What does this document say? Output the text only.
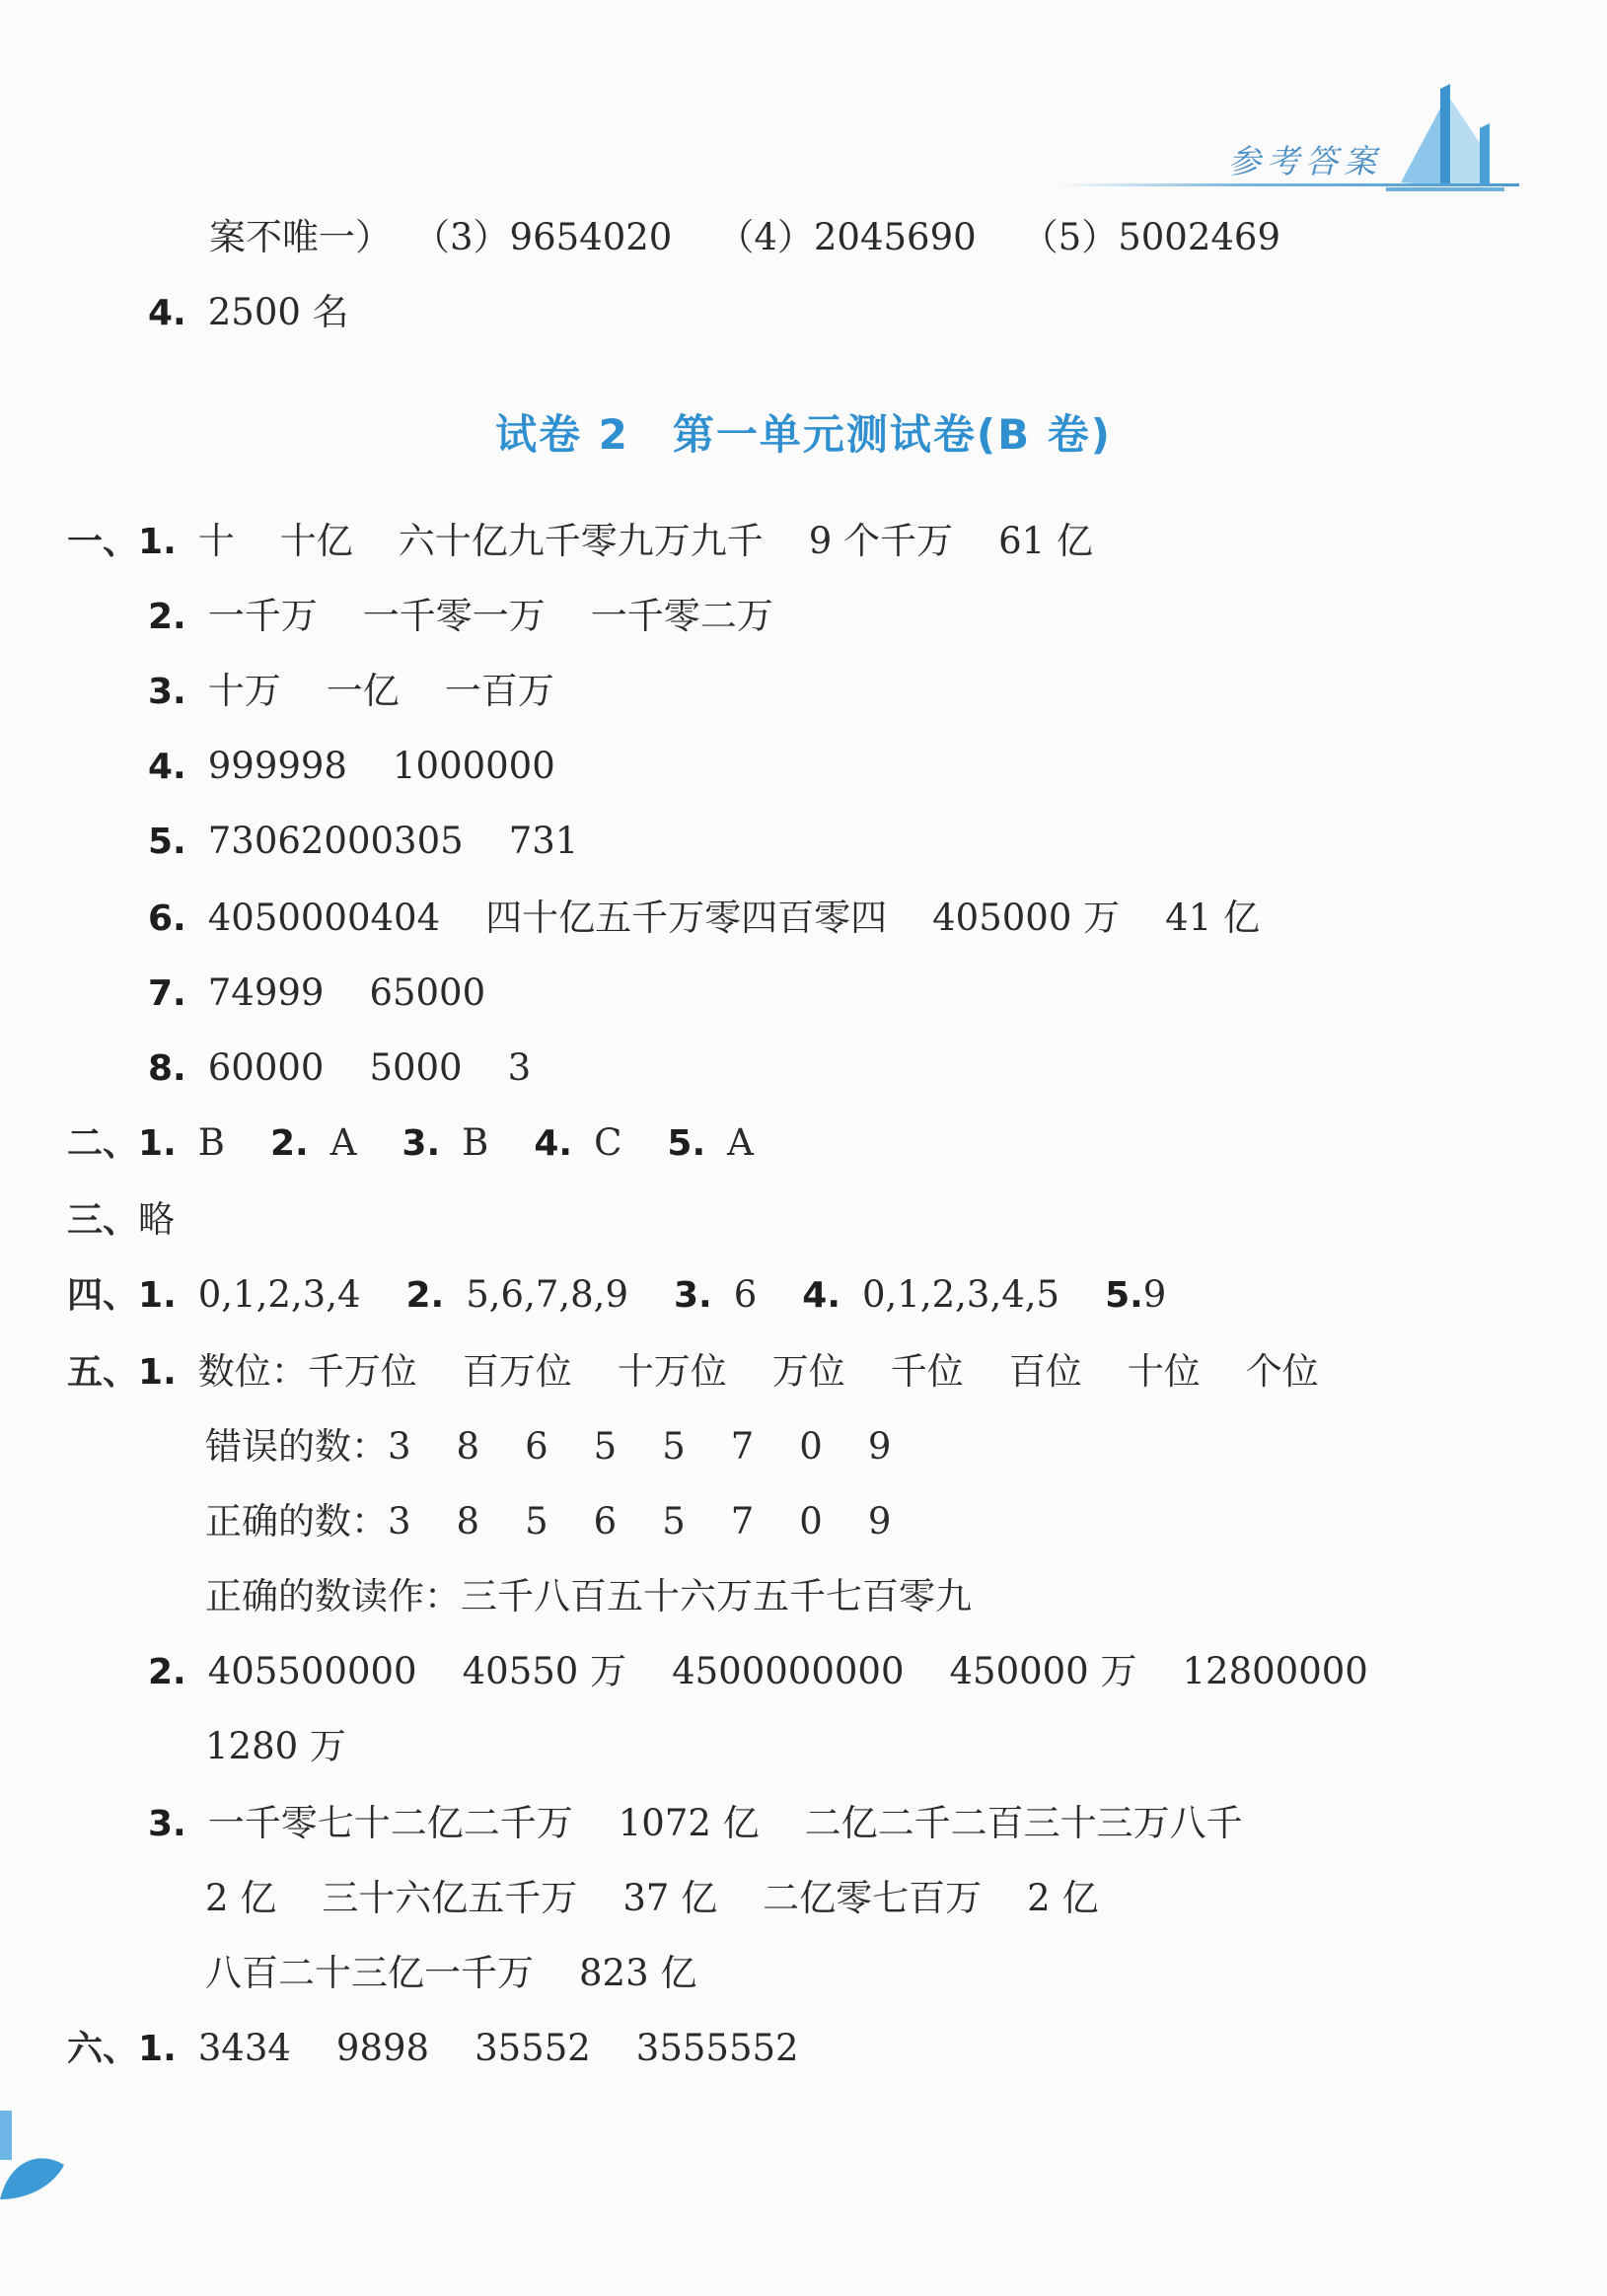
参考答案
案不唯一） （3）9654020 （4）2045690 （5）5002469
4. 2500 名
试卷 2　第一单元测试卷(B 卷)
一、1. 十 十亿 六十亿九千零九万九千 9 个千万 61 亿
2. 一千万 一千零一万 一千零二万
3. 十万 一亿 一百万
4. 999998 1000000
5. 73062000305 731
6. 4050000404 四十亿五千万零四百零四 405000 万 41 亿
7. 74999 65000
8. 60000 5000 3
二、1. B 2. A 3. B 4. C 5. A
三、略
四、1. 0,1,2,3,4 2. 5,6,7,8,9 3. 6 4. 0,1,2,3,4,5 5.9
五、1. 数位：千万位 百万位 十万位 万位 千位 百位 十位 个位
错误的数：3 8 6 5 5 7 0 9
正确的数：3 8 5 6 5 7 0 9
正确的数读作：三千八百五十六万五千七百零九
2. 405500000 40550 万 4500000000 450000 万 12800000
1280 万
3. 一千零七十二亿二千万 1072 亿 二亿二千二百三十三万八千
2 亿 三十六亿五千万 37 亿 二亿零七百万 2 亿
八百二十三亿一千万 823 亿
六、1. 3434 9898 35552 3555552
